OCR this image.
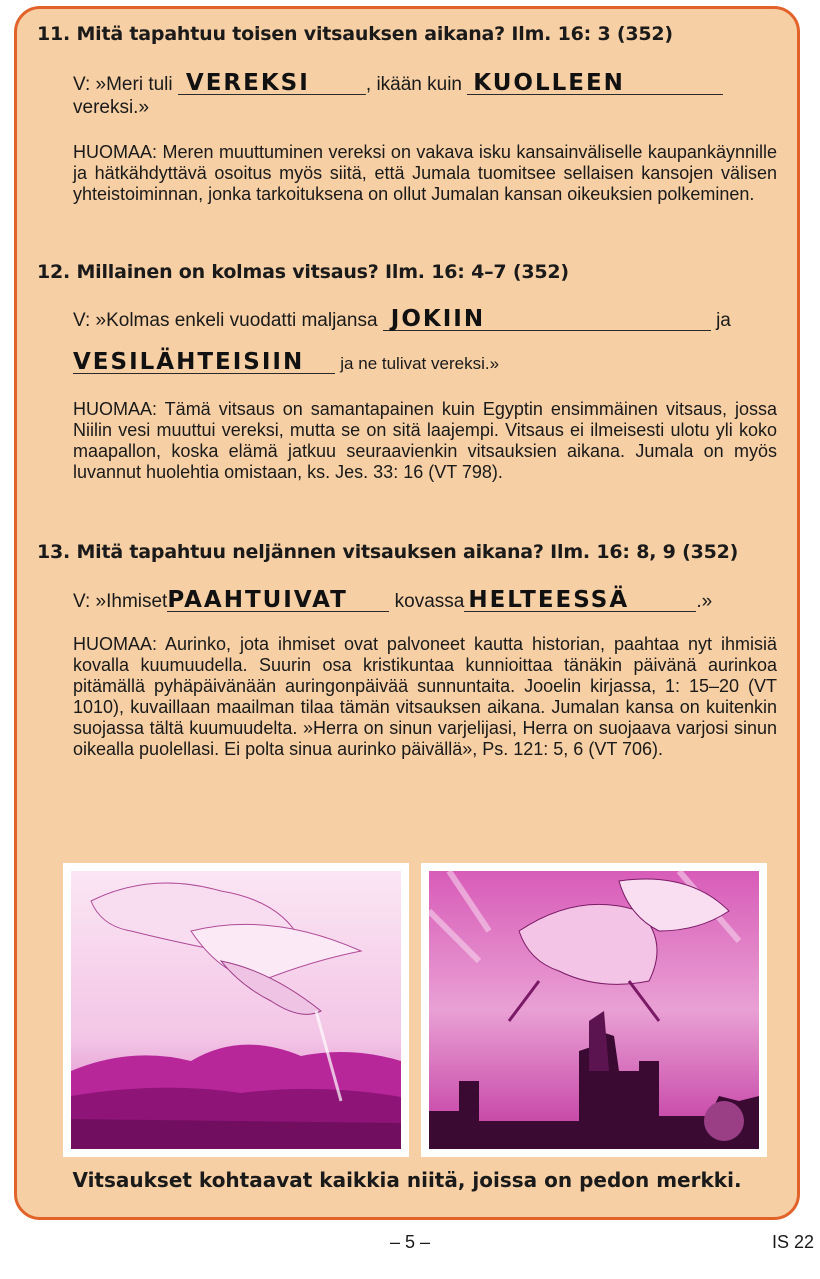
11. Mitä tapahtuu toisen vitsauksen aikana? Ilm. 16: 3 (352)
V: »Meri tuli VEREKSI	, ikään kuin KUOLLEEN
vereksi.»
HUOMAA: Meren muuttuminen vereksi on vakava isku kansainväliselle kaupankäynnille ja hätkähdyttävä osoitus myös siitä, että Jumala tuomitsee sellaisen kansojen välisen yhteistoiminnan, jonka tarkoituksena on ollut Jumalan kansan oikeuksien polkeminen.
12. Millainen on kolmas vitsaus? Ilm. 16: 4–7 (352)
V: »Kolmas enkeli vuodatti maljansa JOKIIN	ja
VESILÄHTEISIIN ja ne tulivat vereksi.»
HUOMAA: Tämä vitsaus on samantapainen kuin Egyptin ensimmäinen vitsaus, jossa Niilin vesi muuttui vereksi, mutta se on sitä laajempi. Vitsaus ei ilmeisesti ulotu yli koko maapallon, koska elämä jatkuu seuraavienkin vitsauksien aikana. Jumala on myös luvannut huolehtia omistaan, ks. Jes. 33: 16 (VT 798).
13. Mitä tapahtuu neljännen vitsauksen aikana? Ilm. 16: 8, 9 (352)
V: »IhmisetPAAHTUIVAT kovassa HELTEESSÄ	.»
HUOMAA: Aurinko, jota ihmiset ovat palvoneet kautta historian, paahtaa nyt ihmisiä kovalla kuumuudella. Suurin osa kristikuntaa kunnioittaa tänäkin päivänä aurinkoa pitämällä pyhäpäivänään auringonpäivää sunnuntaita. Jooelin kirjassa, 1: 15–20 (VT 1010), kuvaillaan maailman tilaa tämän vitsauksen aikana. Jumalan kansa on kuitenkin suojassa tältä kuumuudelta. »Herra on sinun varjelijasi, Herra on suojaava varjosi sinun oikealla puolellasi. Ei polta sinua aurinko päivällä», Ps. 121: 5, 6 (VT 706).
Vitsaukset kohtaavat kaikkia niitä, joissa on pedon merkki.
– 5 –	IS 22
